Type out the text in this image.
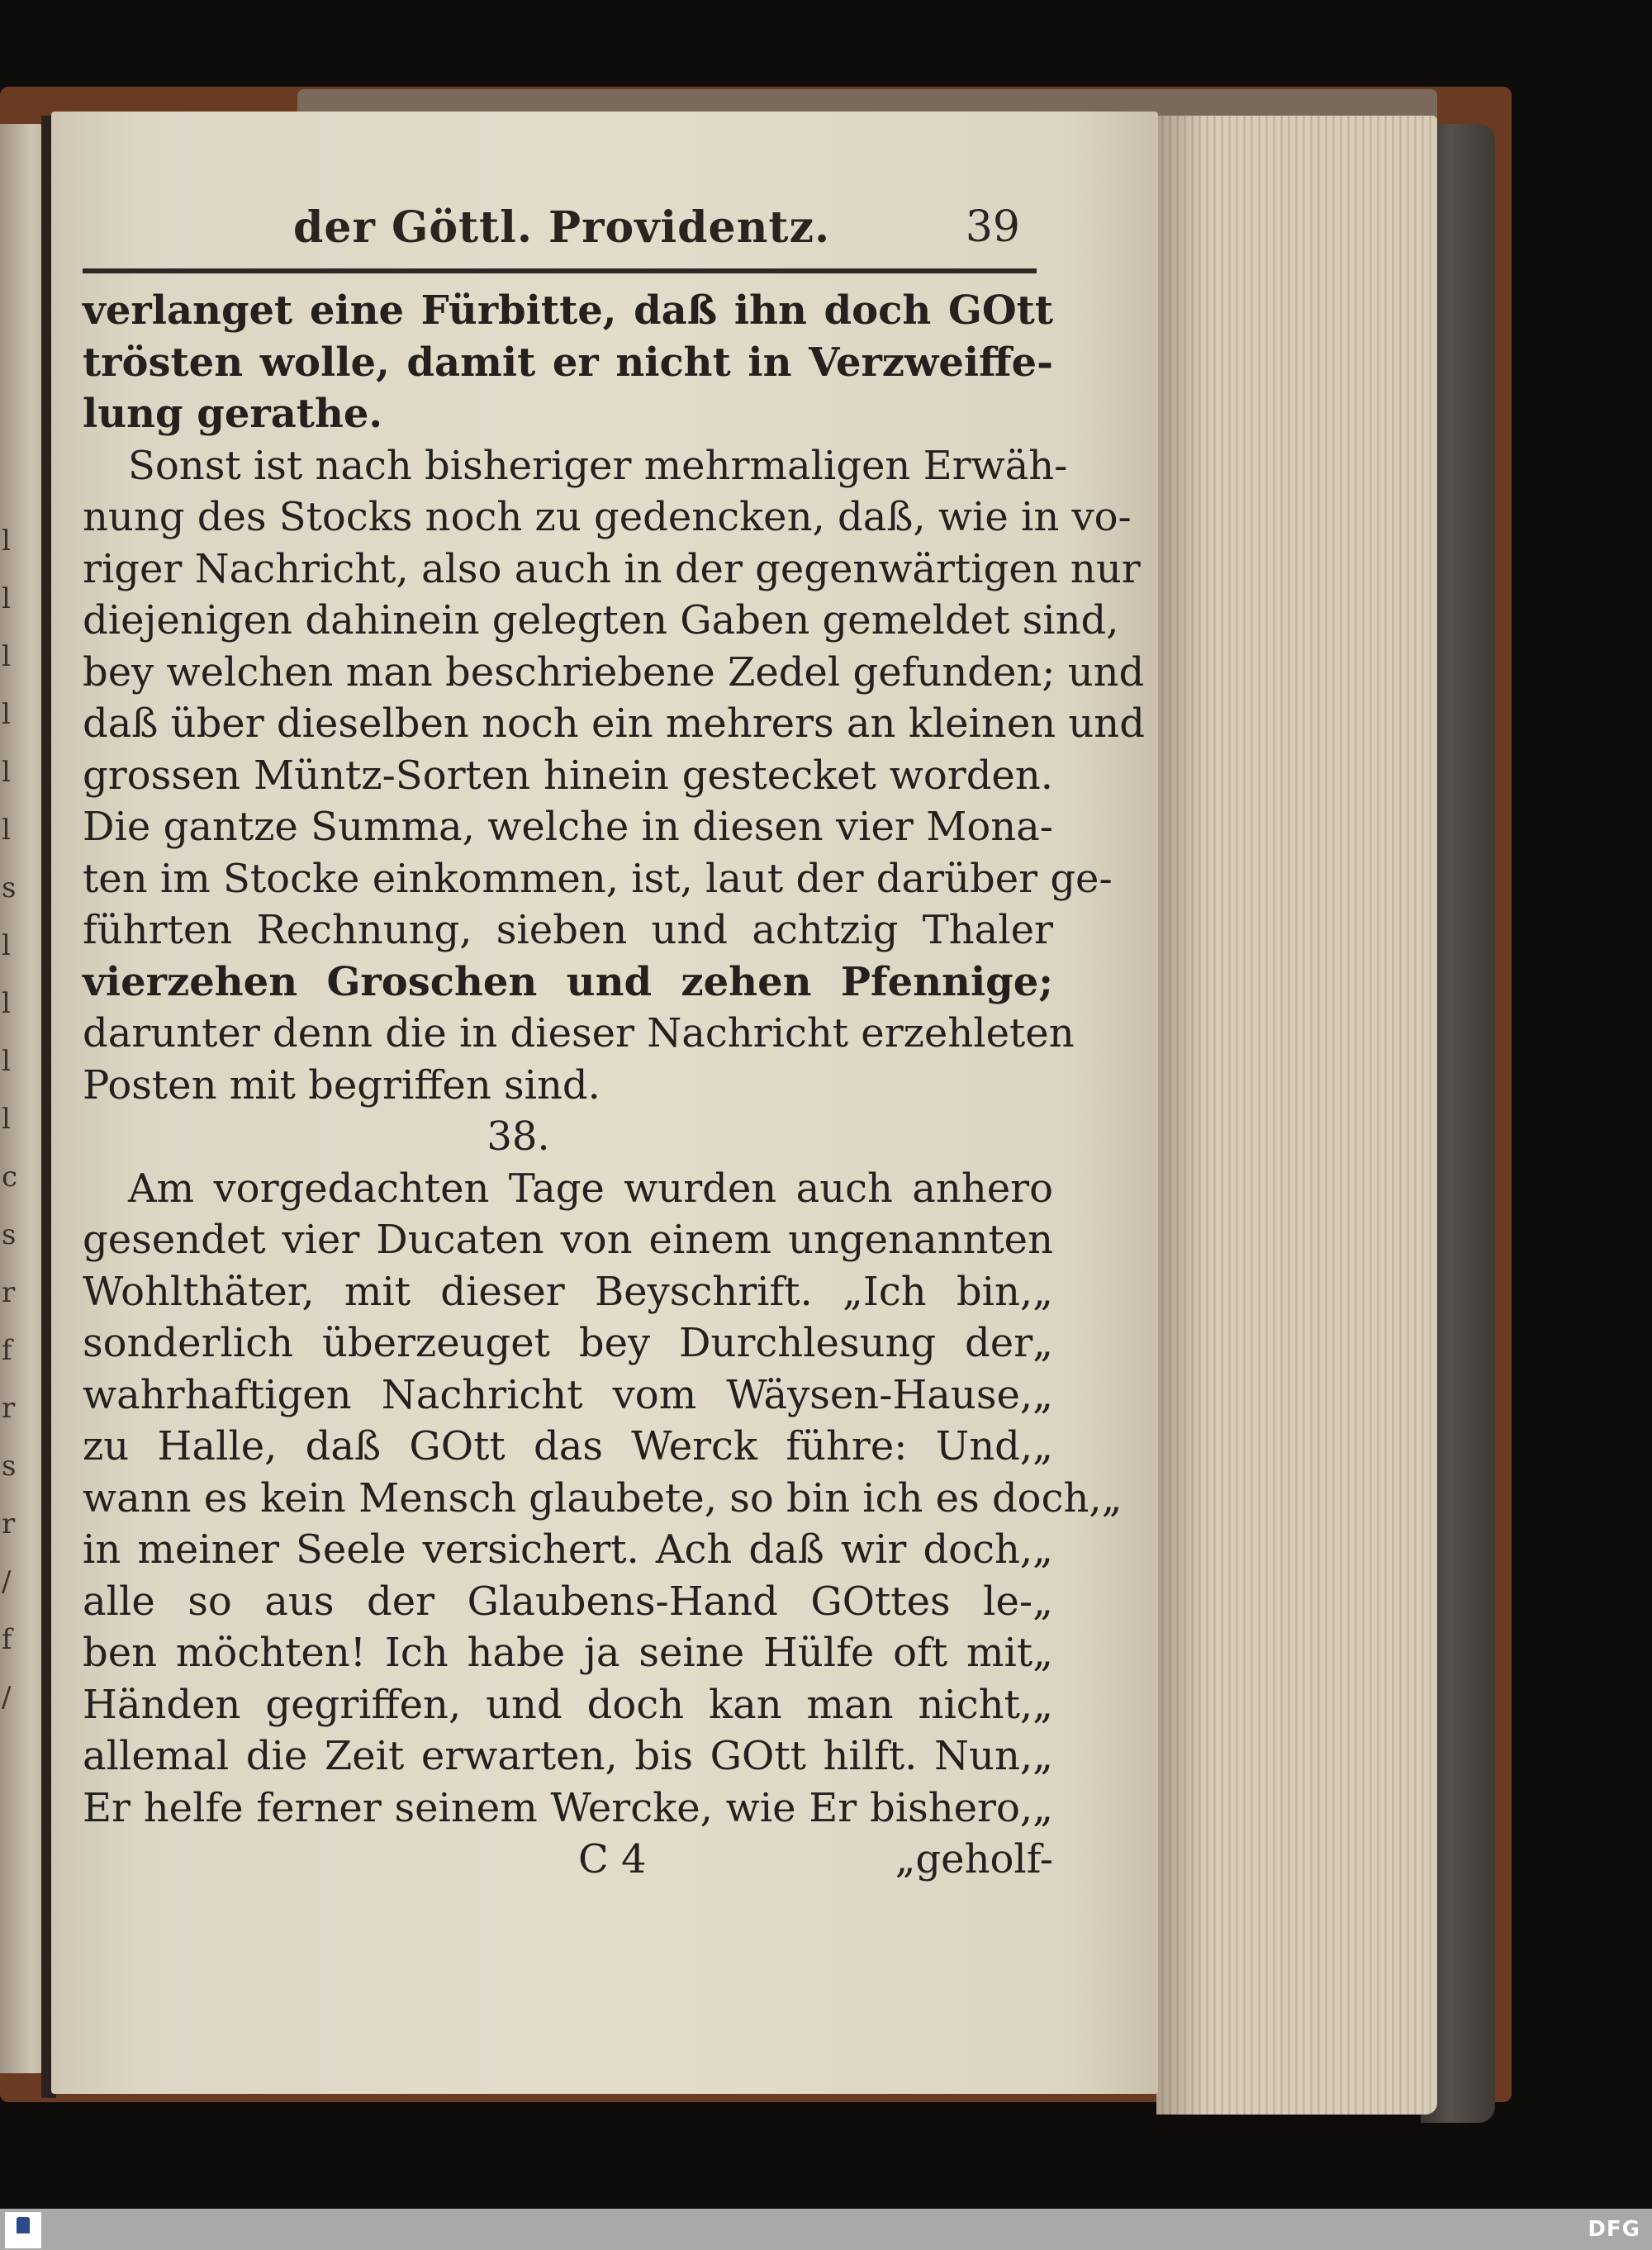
l
l
l
l
l
l
s
l
l
l
l
c
s
r
f
r
s
r
/
f
/
der Göttl. Providentz.	39
verlanget eine Fürbitte, daß ihn doch GOtt
trösten wolle, damit er nicht in Verzweiffe-
lung gerathe.
Sonst ist nach bisheriger mehrmaligen Erwäh-
nung des Stocks noch zu gedencken, daß, wie in vo-
riger Nachricht, also auch in der gegenwärtigen nur
diejenigen dahinein gelegten Gaben gemeldet sind,
bey welchen man beschriebene Zedel gefunden; und
daß über dieselben noch ein mehrers an kleinen und
grossen Müntz-Sorten hinein gestecket worden.
Die gantze Summa, welche in diesen vier Mona-
ten im Stocke einkommen, ist, laut der darüber ge-
führten Rechnung, sieben und achtzig Thaler
vierzehen Groschen und zehen Pfennige;
darunter denn die in dieser Nachricht erzehleten
Posten mit begriffen sind.
38.
Am vorgedachten Tage wurden auch anhero
gesendet vier Ducaten von einem ungenannten
Wohlthäter, mit dieser Beyschrift. „Ich bin,„
sonderlich überzeuget bey Durchlesung der„
wahrhaftigen Nachricht vom Wäysen-Hause,„
zu Halle, daß GOtt das Werck führe: Und,„
wann es kein Mensch glaubete, so bin ich es doch,„
in meiner Seele versichert. Ach daß wir doch,„
alle so aus der Glaubens-Hand GOttes le-„
ben möchten! Ich habe ja seine Hülfe oft mit„
Händen gegriffen, und doch kan man nicht,„
allemal die Zeit erwarten, bis GOtt hilft. Nun,„
Er helfe ferner seinem Wercke, wie Er bishero,„
C 4	„geholf-
DFG
